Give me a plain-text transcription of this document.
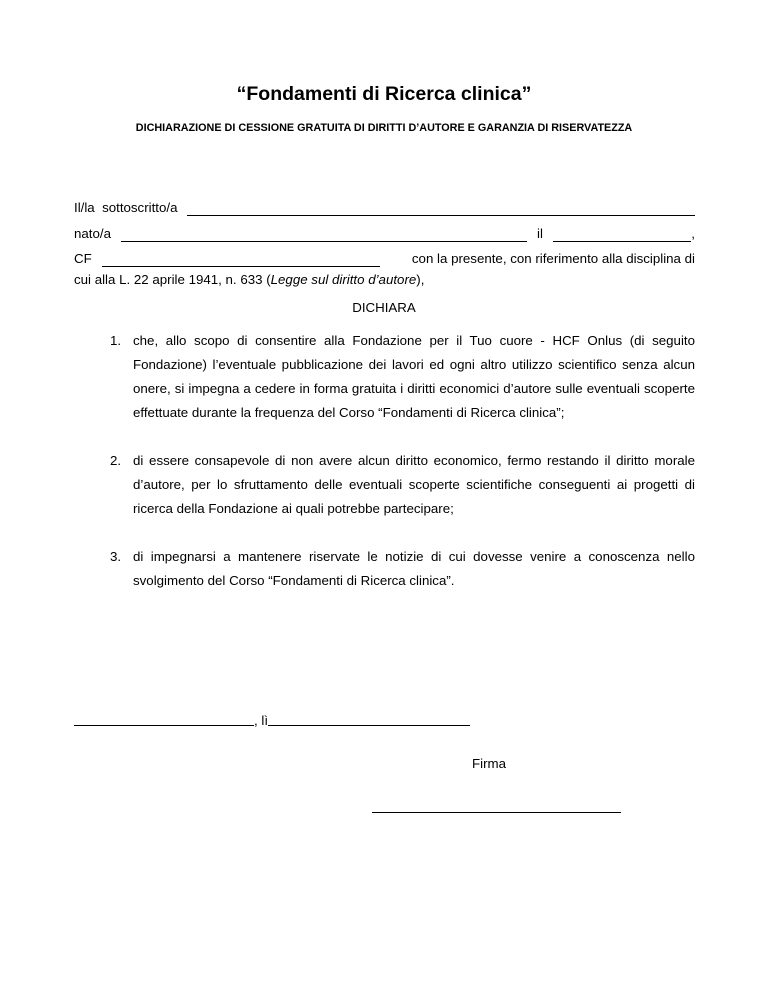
“Fondamenti di Ricerca clinica”
DICHIARAZIONE DI CESSIONE GRATUITA DI DIRITTI D’AUTORE E GARANZIA DI RISERVATEZZA
Il/la  sottoscritto/a
nato/a	il	,
CF	con la presente, con riferimento alla disciplina di
cui alla L. 22 aprile 1941, n. 633 (Legge sul diritto d’autore),
DICHIARA
1. che, allo scopo di consentire alla Fondazione per il Tuo cuore - HCF Onlus (di seguito Fondazione) l’eventuale pubblicazione dei lavori ed ogni altro utilizzo scientifico senza alcun onere, si impegna a cedere in forma gratuita i diritti economici d’autore sulle eventuali scoperte effettuate durante la frequenza del Corso “Fondamenti di Ricerca clinica”;
2. di essere consapevole di non avere alcun diritto economico, fermo restando il diritto morale d’autore, per lo sfruttamento delle eventuali scoperte scientifiche conseguenti ai progetti di ricerca della Fondazione ai quali potrebbe partecipare;
3. di impegnarsi a mantenere riservate le notizie di cui dovesse venire a conoscenza nello svolgimento del Corso “Fondamenti di Ricerca clinica”.
, lì
Firma
